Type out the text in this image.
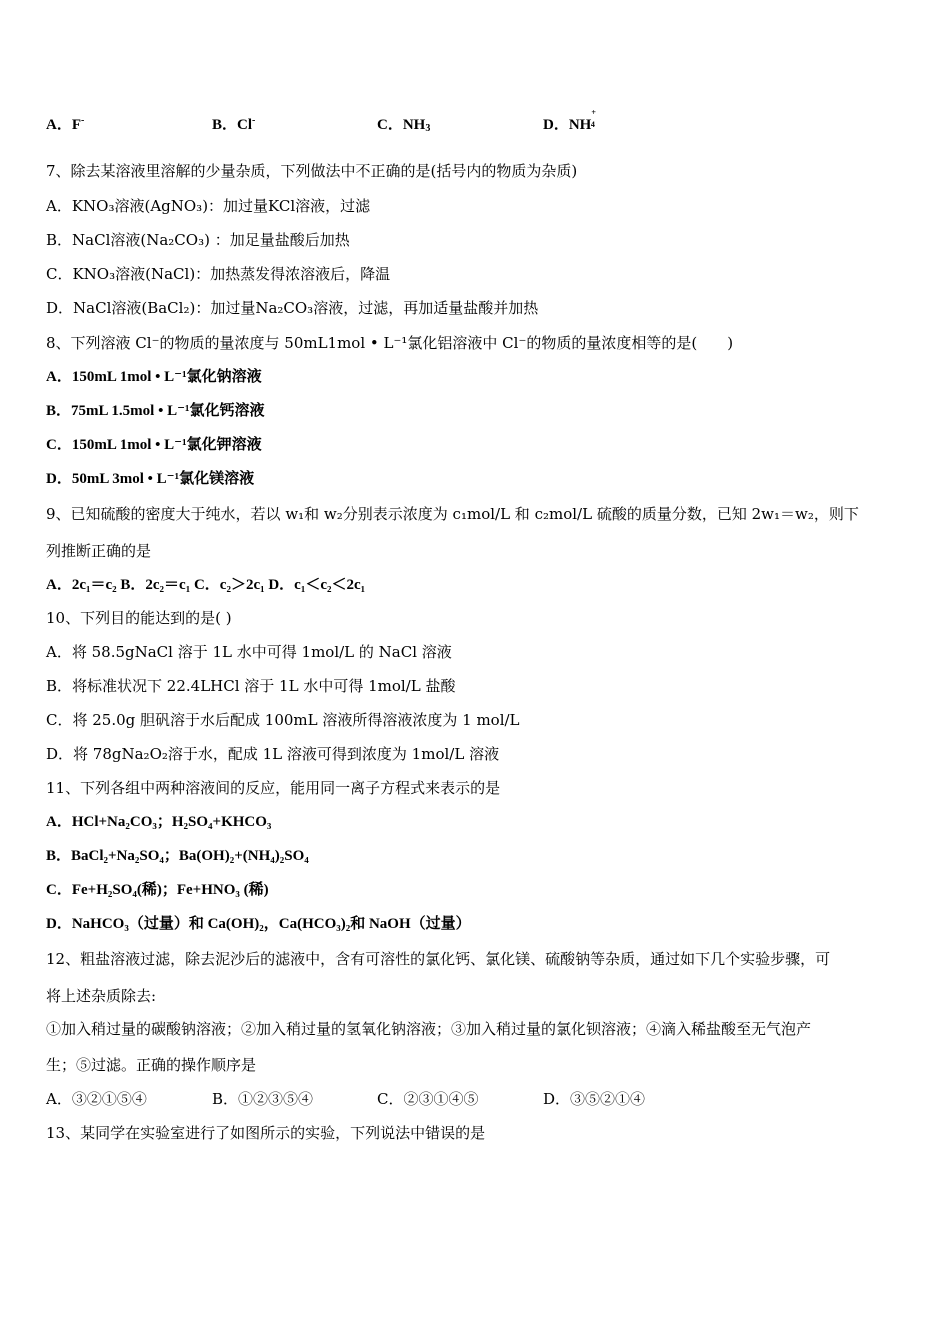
A．F-	B．Cl-	C．$NH_3$	D．NH+4
7、除去某溶液里溶解的少量杂质，下列做法中不正确的是(括号内的物质为杂质)
A．KNO₃溶液(AgNO₃)：加过量KCl溶液，过滤
B．NaCl溶液(Na₂CO₃) ：加足量盐酸后加热
C．KNO₃溶液(NaCl)：加热蒸发得浓溶液后，降温
D．NaCl溶液(BaCl₂)：加过量Na₂CO₃溶液，过滤，再加适量盐酸并加热
8、下列溶液 Cl⁻的物质的量浓度与 50mL1mol • L⁻¹氯化铝溶液中 Cl⁻的物质的量浓度相等的是(　　)
A．150mL 1mol • L⁻¹氯化钠溶液
B．75mL 1.5mol • L⁻¹氯化钙溶液
C．150mL 1mol • L⁻¹氯化钾溶液
D．50mL 3mol • L⁻¹氯化镁溶液
9、已知硫酸的密度大于纯水，若以 w₁和 w₂分别表示浓度为 c₁mol/L 和 c₂mol/L 硫酸的质量分数，已知 2w₁＝w₂，则下
列推断正确的是
A．2c₁＝c₂ B．2c₂＝c₁ C．c₂＞2c₁ D．c₁＜c₂＜2c₁
10、下列目的能达到的是( )
A．将 58.5gNaCl 溶于 1L 水中可得 1mol/L 的 NaCl 溶液
B．将标准状况下 22.4LHCl 溶于 1L 水中可得 1mol/L 盐酸
C．将 25.0g 胆矾溶于水后配成 100mL 溶液所得溶液浓度为 1 mol/L
D．将 78gNa₂O₂溶于水，配成 1L 溶液可得到浓度为 1mol/L 溶液
11、下列各组中两种溶液间的反应，能用同一离子方程式来表示的是
A．HCl+Na₂CO₃；H₂SO₄+KHCO₃
B．BaCl₂+Na₂SO₄；Ba(OH)₂+(NH₄)₂SO₄
C．Fe+H₂SO₄(稀)；Fe+HNO₃ (稀)
D．NaHCO₃（过量）和 Ca(OH)₂，Ca(HCO₃)₂和 NaOH（过量）
12、粗盐溶液过滤，除去泥沙后的滤液中，含有可溶性的氯化钙、氯化镁、硫酸钠等杂质，通过如下几个实验步骤，可
将上述杂质除去:
①加入稍过量的碳酸钠溶液；②加入稍过量的氢氧化钠溶液；③加入稍过量的氯化钡溶液；④滴入稀盐酸至无气泡产
生；⑤过滤。正确的操作顺序是
A．③②①⑤④	B．①②③⑤④	C．②③①④⑤	D．③⑤②①④
13、某同学在实验室进行了如图所示的实验，下列说法中错误的是
